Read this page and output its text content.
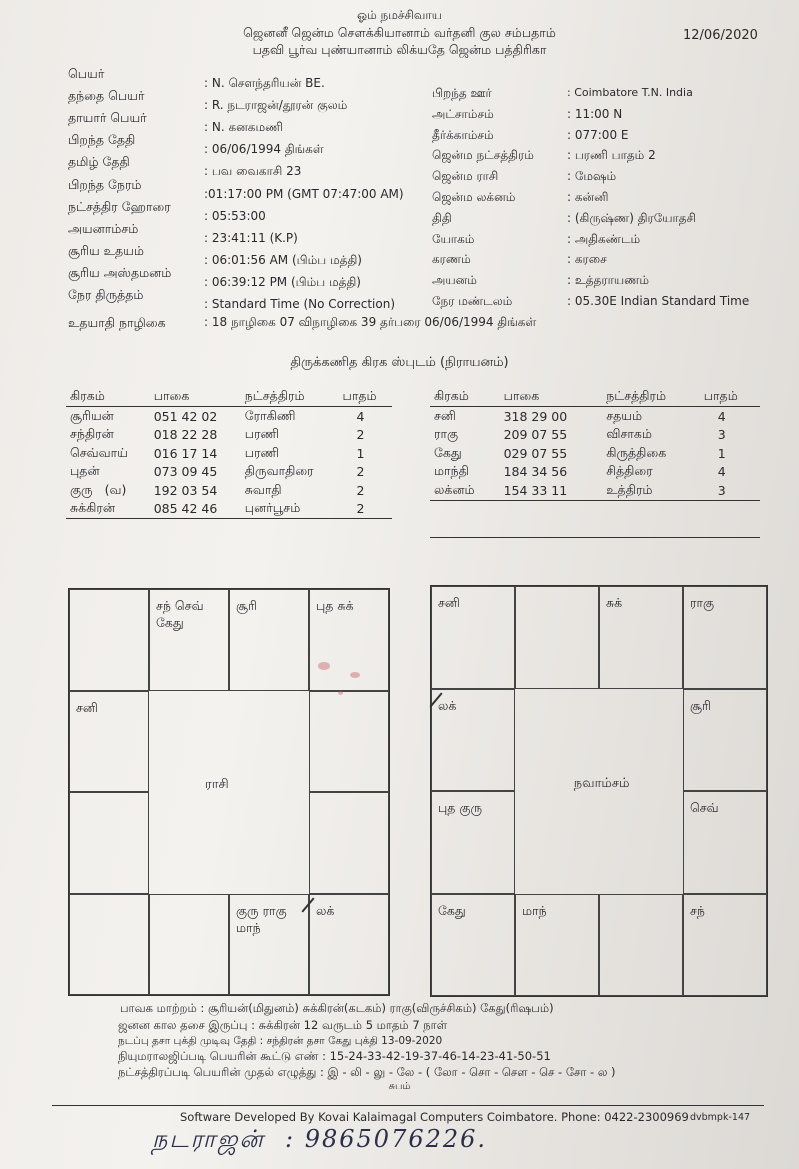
ஓம் நமச்சிவாய
ஜெனனீ ஜென்ம சௌக்கியானாம் வர்தனி குல சம்பதாம்
பதவி பூர்வ புண்யானாம் லிக்யதே ஜென்ம பத்திரிகா
12/06/2020
பெயர்
: N. சௌந்தரியன் BE.
தந்தை பெயர்
: R. நடராஜன்/தூரன் குலம்
தாயார் பெயர்
: N. கனகமணி
பிறந்த தேதி
: 06/06/1994 திங்கள்
தமிழ் தேதி
: பவ வைகாசி 23
பிறந்த நேரம்
:01:17:00 PM (GMT 07:47:00 AM)
நட்சத்திர ஹோரை
: 05:53:00
அயனாம்சம்
: 23:41:11 (K.P)
சூரிய உதயம்
: 06:01:56 AM (பிம்ப மத்தி)
சூரிய அஸ்தமனம்
: 06:39:12 PM (பிம்ப மத்தி)
நேர திருத்தம்
: Standard Time (No Correction)
பிறந்த ஊர்	: Coimbatore T.N. India
அட்சாம்சம்	: 11:00 N
தீர்க்காம்சம்	: 077:00 E
ஜென்ம நட்சத்திரம்	: பரணி பாதம் 2
ஜென்ம ராசி	: மேஷம்
ஜென்ம லக்னம்	: கன்னி
திதி	: (கிருஷ்ண) திரயோதசி
யோகம்	: அதிகண்டம்
கரணம்	: கரசை
அயனம்	: உத்தராயணம்
நேர மண்டலம்	: 05.30E Indian Standard Time
உதயாதி நாழிகை	: 18 நாழிகை 07 விநாழிகை 39 தர்பரை 06/06/1994 திங்கள்
திருக்கணித கிரக ஸ்புடம் (நிராயனம்)
கிரகம்	பாகை	நட்சத்திரம்	பாதம்
சூரியன்	051 42 02	ரோகிணி	4
சந்திரன்	018 22 28	பரணி	2
செவ்வாய்	016 17 14	பரணி	1
புதன்	073 09 45	திருவாதிரை	2
குரு (வ)	192 03 54	சுவாதி	2
சுக்கிரன்	085 42 46	புனர்பூசம்	2
கிரகம்	பாகை	நட்சத்திரம்	பாதம்
சனி	318 29 00	சதயம்	4
ராகு	209 07 55	விசாகம்	3
கேது	029 07 55	கிருத்திகை	1
மாந்தி	184 34 56	சித்திரை	4
லக்னம்	154 33 11	உத்திரம்	3
சந் செவ்
கேது
சூரி	புத சுக்
சனி
குரு ராகு
மாந்
லக்
ராசி
சனி	சுக்	ராகு
லக்	சூரி
புத குரு	செவ்
கேது	மாந்	சந்
நவாம்சம்
பாவக மாற்றம் : சூரியன்(மிதுனம்) சுக்கிரன்(கடகம்) ராகு(விருச்சிகம்) கேது(ரிஷபம்)
ஜனன கால தசை இருப்பு : சுக்கிரன் 12 வருடம் 5 மாதம் 7 நாள்
நடப்பு தசா புக்தி முடிவு தேதி : சந்திரன் தசா கேது புக்தி 13-09-2020
நியுமராலஜிப்படி பெயரின் கூட்டு எண் : 15-24-33-42-19-37-46-14-23-41-50-51
நட்சத்திரப்படி பெயரின் முதல் எழுத்து : இ - லி - லு - லே - ( லோ - சொ - சௌ - செ - சோ - ல )
சுபம்
Software Developed By Kovai Kalaimagal Computers Coimbatore. Phone: 0422-2300969 dvbmpk-147
நடராஜன் : 9865076226.
